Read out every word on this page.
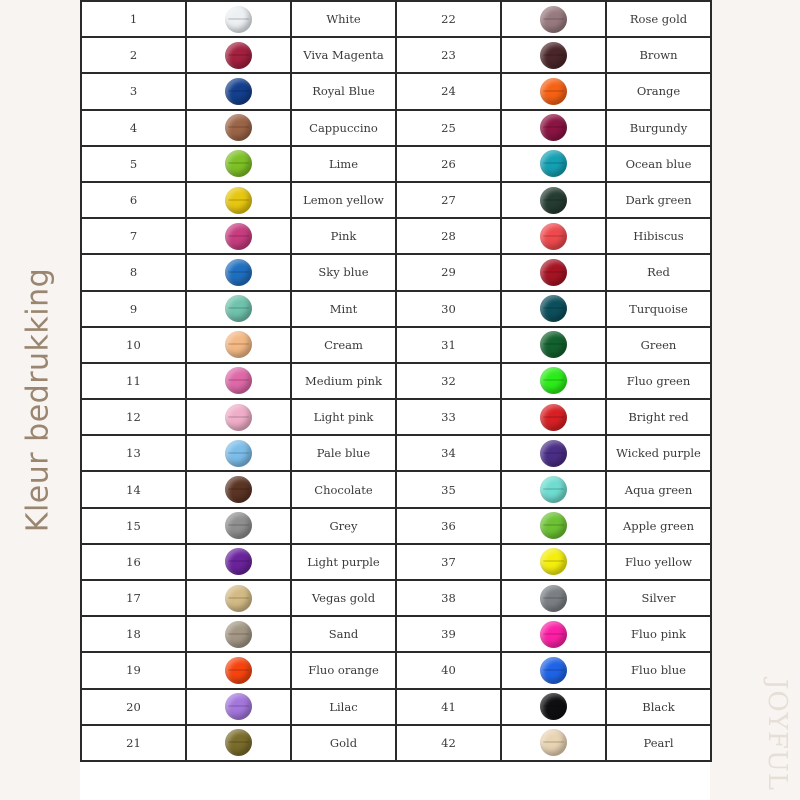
Kleur bedrukking
1		White	22		Rose gold
2		Viva Magenta	23		Brown
3		Royal Blue	24		Orange
4		Cappuccino	25		Burgundy
5		Lime	26		Ocean blue
6		Lemon yellow	27		Dark green
7		Pink	28		Hibiscus
8		Sky blue	29		Red
9		Mint	30		Turquoise
10		Cream	31		Green
11		Medium pink	32		Fluo green
12		Light pink	33		Bright red
13		Pale blue	34		Wicked purple
14		Chocolate	35		Aqua green
15		Grey	36		Apple green
16		Light purple	37		Fluo yellow
17		Vegas gold	38		Silver
18		Sand	39		Fluo pink
19		Fluo orange	40		Fluo blue
20		Lilac	41		Black
21		Gold	42		Pearl	JOYFUL
